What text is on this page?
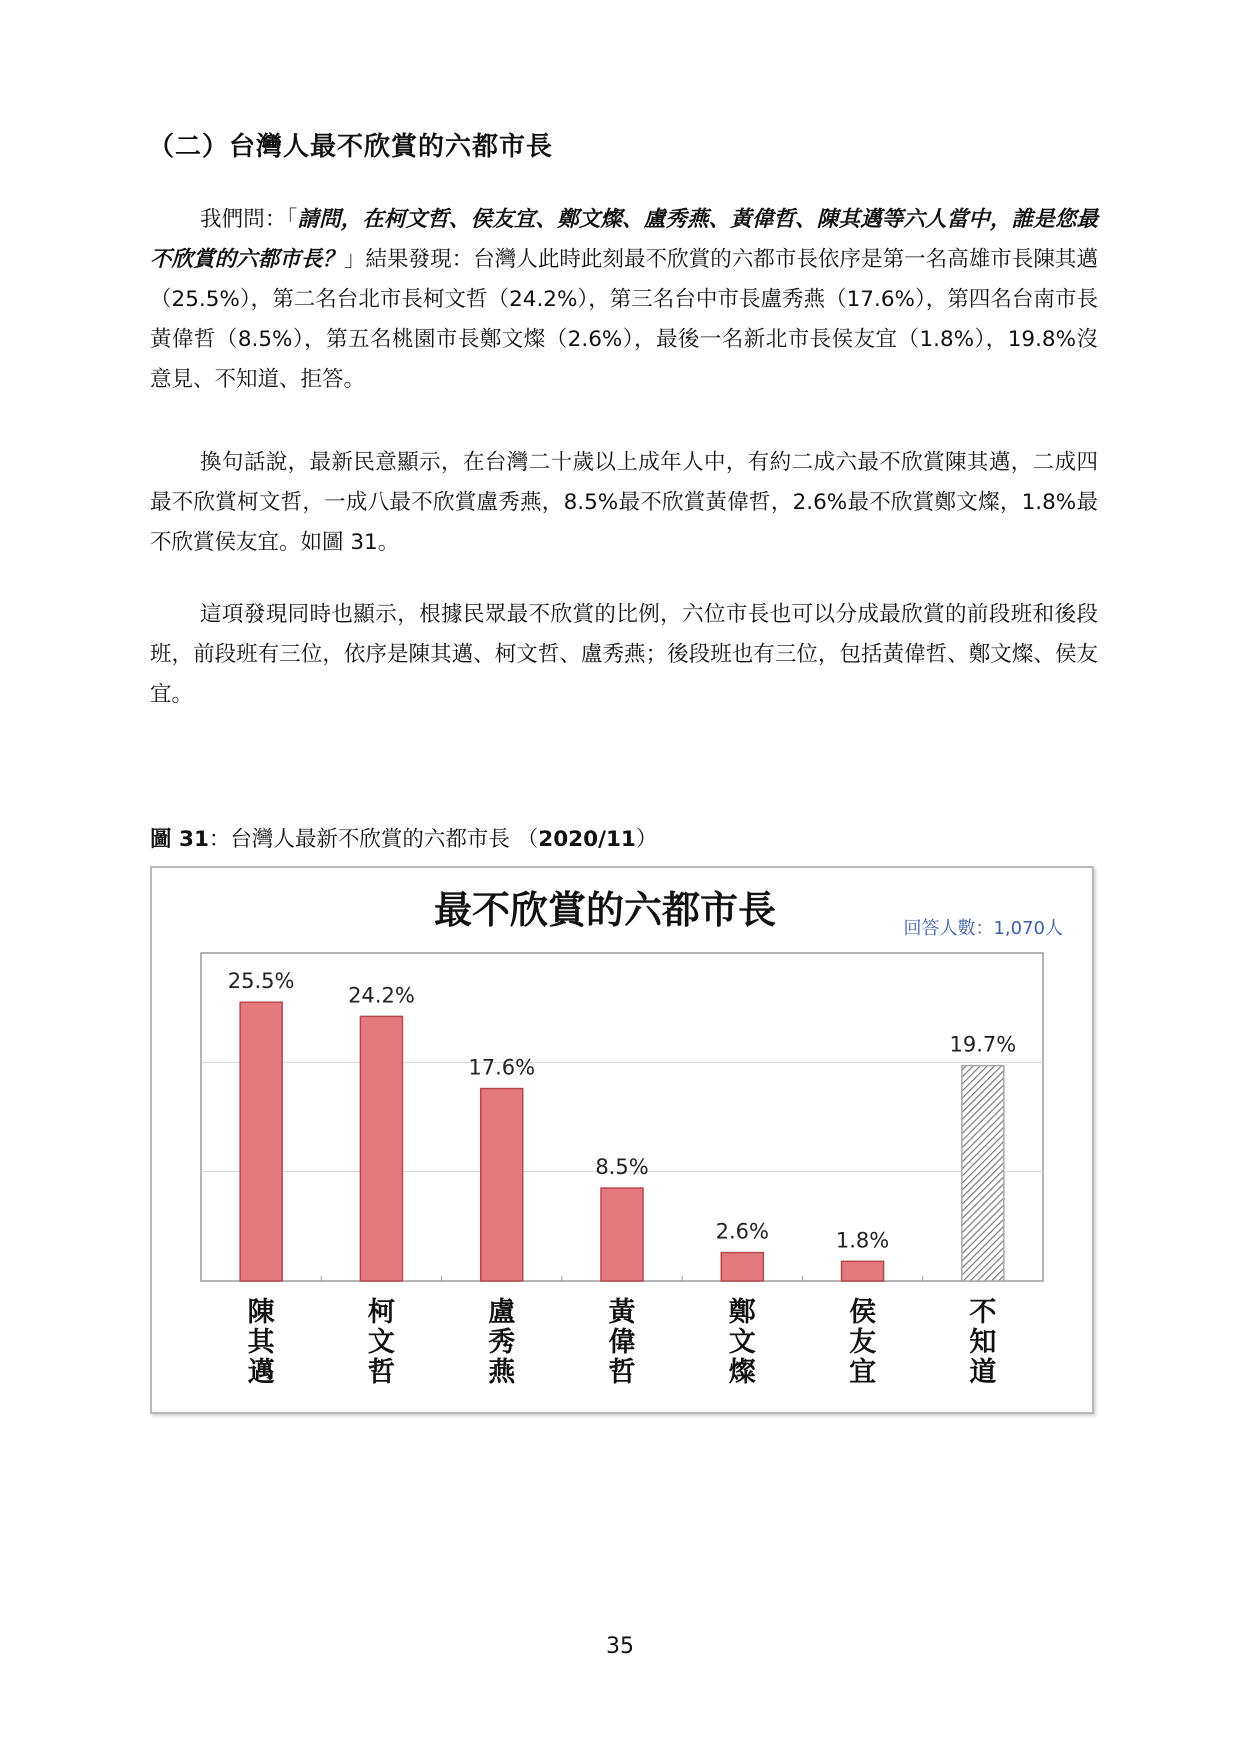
（二）台灣人最不欣賞的六都市長

我們問：「請問，在柯文哲、侯友宜、鄭文燦、盧秀燕、黃偉哲、陳其邁等六人當中，誰是您最不欣賞的六都市長？」結果發現：台灣人此時此刻最不欣賞的六都市長依序是第一名高雄市長陳其邁（25.5%），第二名台北市長柯文哲（24.2%），第三名台中市長盧秀燕（17.6%），第四名台南市長黃偉哲（8.5%），第五名桃園市長鄭文燦（2.6%），最後一名新北市長侯友宜（1.8%），19.8%沒意見、不知道、拒答。

換句話說，最新民意顯示，在台灣二十歲以上成年人中，有約二成六最不欣賞陳其邁，二成四最不欣賞柯文哲，一成八最不欣賞盧秀燕，8.5%最不欣賞黃偉哲，2.6%最不欣賞鄭文燦，1.8%最不欣賞侯友宜。如圖 31。

這項發現同時也顯示，根據民眾最不欣賞的比例，六位市長也可以分成最欣賞的前段班和後段班，前段班有三位，依序是陳其邁、柯文哲、盧秀燕；後段班也有三位，包括黃偉哲、鄭文燦、侯友宜。

圖 31：台灣人最新不欣賞的六都市長 （2020/11）

最不欣賞的六都市長	回答人數：1,070人
25.5%
24.2%
17.6%
8.5%
2.6%	1.8%
19.7%
陳其邁
柯文哲
盧秀燕
黃偉哲
鄭文燦
侯友宜
不知道

35
